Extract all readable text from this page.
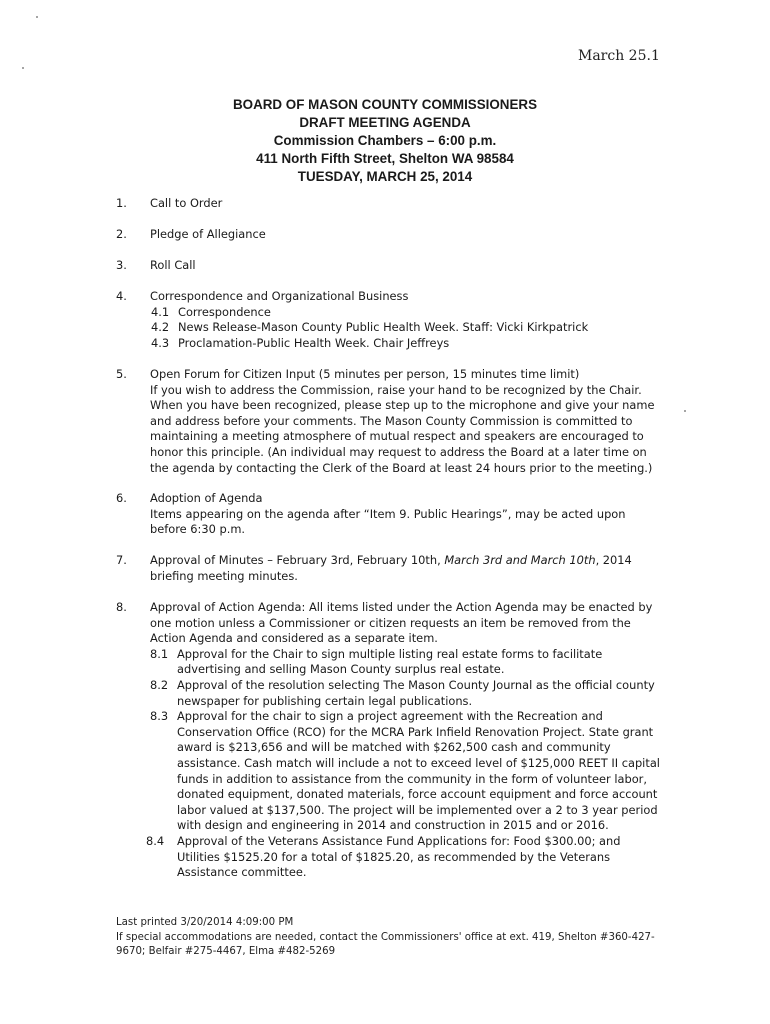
March 25.1
BOARD OF MASON COUNTY COMMISSIONERS
DRAFT MEETING AGENDA
Commission Chambers – 6:00 p.m.
411 North Fifth Street, Shelton WA 98584
TUESDAY, MARCH 25, 2014
1. Call to Order

2. Pledge of Allegiance

3. Roll Call

4. Correspondence and Organizational Business

4.1 Correspondence
4.2 News Release-Mason County Public Health Week. Staff: Vicki Kirkpatrick
4.3 Proclamation-Public Health Week. Chair Jeffreys
5. Open Forum for Citizen Input (5 minutes per person, 15 minutes time limit)

If you wish to address the Commission, raise your hand to be recognized by the Chair. When you have been recognized, please step up to the microphone and give your name and address before your comments. The Mason County Commission is committed to maintaining a meeting atmosphere of mutual respect and speakers are encouraged to honor this principle. (An individual may request to address the Board at a later time on the agenda by contacting the Clerk of the Board at least 24 hours prior to the meeting.)

6. Adoption of Agenda

Items appearing on the agenda after “Item 9. Public Hearings”, may be acted upon before 6:30 p.m.

7. Approval of Minutes – February 3rd, February 10th, March 3rd and March 10th, 2014 briefing meeting minutes.

8. Approval of Action Agenda: All items listed under the Action Agenda may be enacted by one motion unless a Commissioner or citizen requests an item be removed from the Action Agenda and considered as a separate item.

8.1 Approval for the Chair to sign multiple listing real estate forms to facilitate advertising and selling Mason County surplus real estate.
8.2 Approval of the resolution selecting The Mason County Journal as the official county newspaper for publishing certain legal publications.
8.3 Approval for the chair to sign a project agreement with the Recreation and Conservation Office (RCO) for the MCRA Park Infield Renovation Project. State grant award is $213,656 and will be matched with $262,500 cash and community assistance. Cash match will include a not to exceed level of $125,000 REET II capital funds in addition to assistance from the community in the form of volunteer labor, donated equipment, donated materials, force account equipment and force account labor valued at $137,500. The project will be implemented over a 2 to 3 year period with design and engineering in 2014 and construction in 2015 and or 2016.
8.4 Approval of the Veterans Assistance Fund Applications for: Food $300.00; and Utilities $1525.20 for a total of $1825.20, as recommended by the Veterans Assistance committee.

Last printed 3/20/2014 4:09:00 PM

If special accommodations are needed, contact the Commissioners' office at ext. 419, Shelton #360-427-9670; Belfair #275-4467, Elma #482-5269
